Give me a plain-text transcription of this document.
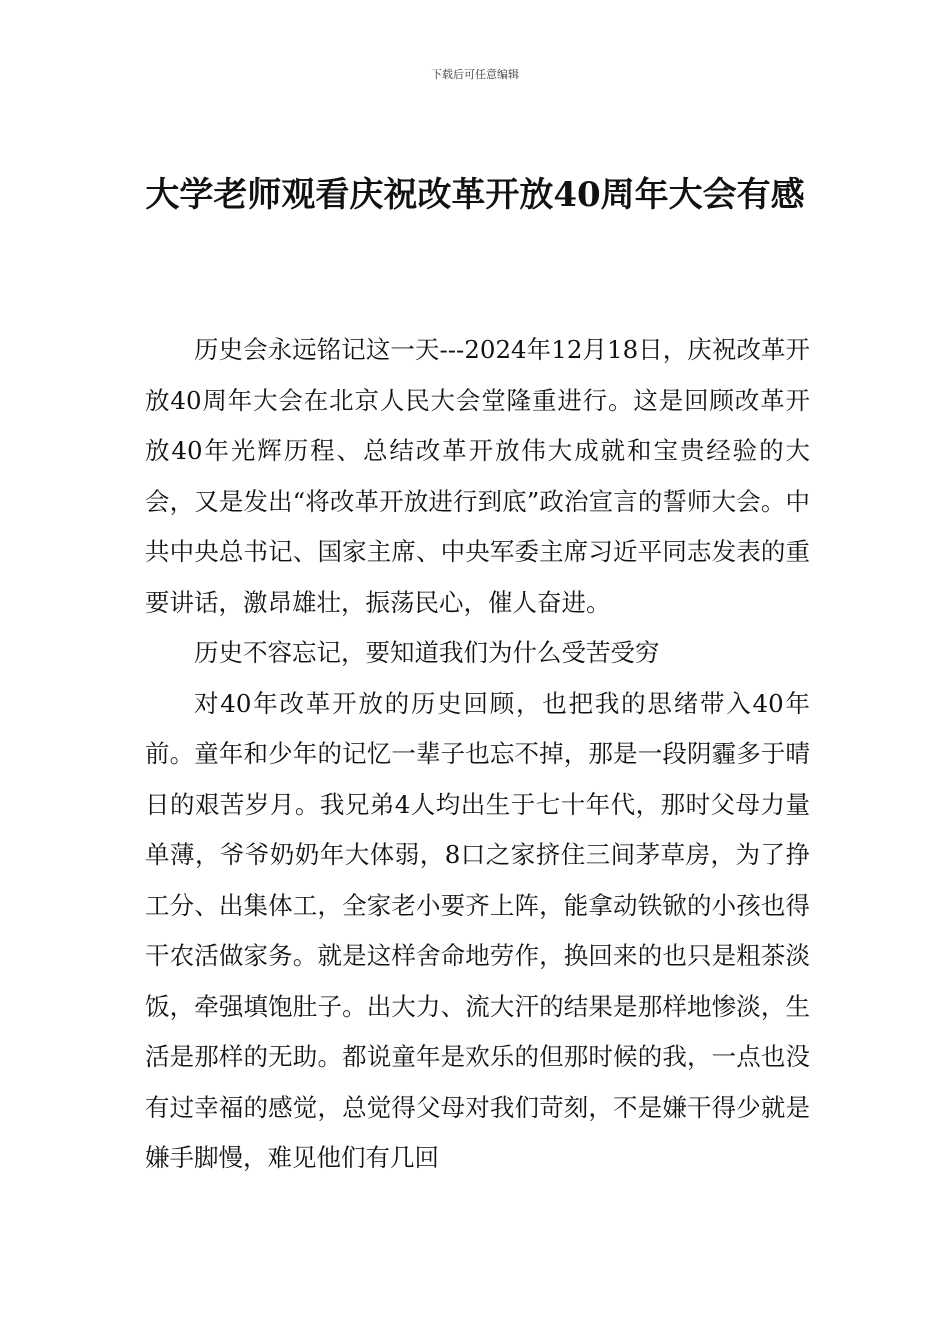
下载后可任意编辑
大学老师观看庆祝改革开放40周年大会有感

历史会永远铭记这一天---2024年12月18日，庆祝改革开放40周年大会在北京人民大会堂隆重进行。这是回顾改革开放40年光辉历程、总结改革开放伟大成就和宝贵经验的大会，又是发出“将改革开放进行到底”政治宣言的誓师大会。中共中央总书记、国家主席、中央军委主席习近平同志发表的重要讲话，激昂雄壮，振荡民心，催人奋进。

历史不容忘记，要知道我们为什么受苦受穷

对40年改革开放的历史回顾，也把我的思绪带入40年前。童年和少年的记忆一辈子也忘不掉，那是一段阴霾多于晴日的艰苦岁月。我兄弟4人均出生于七十年代，那时父母力量单薄，爷爷奶奶年大体弱，8口之家挤住三间茅草房，为了挣工分、出集体工，全家老小要齐上阵，能拿动铁锨的小孩也得干农活做家务。就是这样舍命地劳作，换回来的也只是粗茶淡饭，牵强填饱肚子。出大力、流大汗的结果是那样地惨淡，生活是那样的无助。都说童年是欢乐的但那时候的我，一点也没有过幸福的感觉，总觉得父母对我们苛刻，不是嫌干得少就是嫌手脚慢，难见他们有几回
